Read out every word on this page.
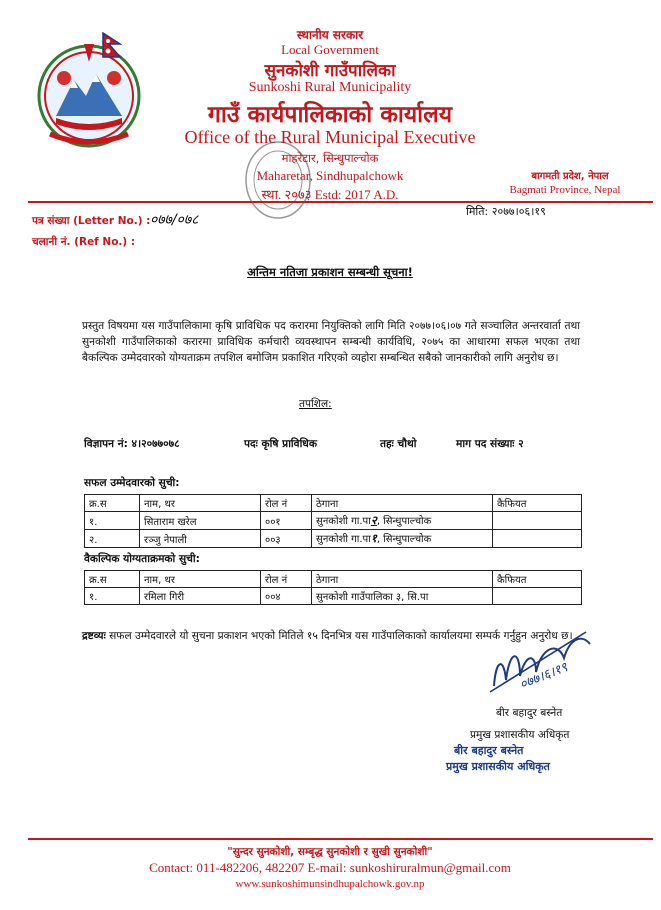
स्थानीय सरकार
Local Government
सुनकोशी गाउँपालिका
Sunkoshi Rural Municipality
गाउँ कार्यपालिकाको कार्यालय
Office of the Rural Municipal Executive
माहरेटार, सिन्धुपाल्चोक
Maharetar, Sindhupalchowk
स्था. २०७३ Estd: 2017 A.D.
बागमती प्रदेश, नेपाल
Bagmati Province, Nepal
मिति: २०७७।०६।१९
पत्र संख्या (Letter No.) : ०७७/०७८
चलानी नं. (Ref No.) :
अन्तिम नतिजा प्रकाशन सम्बन्धी सूचना!
प्रस्तुत विषयमा यस गाउँपालिकामा कृषि प्राविधिक पद करारमा नियुक्तिको लागि मिति २०७७।०६।०७ गते सञ्चालित अन्तरवार्ता तथा सुनकोशी गाउँपालिकाको करारमा प्राविधिक कर्मचारी व्यवस्थापन सम्बन्धी कार्यविधि, २०७५ का आधारमा सफल भएका तथा बैकल्पिक उम्मेदवारको योग्यताक्रम तपशिल बमोजिम प्रकाशित गरिएको व्यहोरा सम्बन्धित सबैको जानकारीको लागि अनुरोध छ।
तपशिल:
विज्ञापन नं: ४।२०७७०७८	पदः कृषि प्राविधिक	तहः चौथो	माग पद संख्याः २
सफल उम्मेदवारको सुची:
क्र.स	नाम, थर	रोल नं	ठेगाना	कैफियत
१.	सिताराम खरेल	००१	सुनकोशी गा.पा२, सिन्धुपाल्चोक	
२.	रञ्जु नेपाली	००३	सुनकोशी गा.पा१, सिन्धुपाल्चोक	
वैकल्पिक योग्यताक्रमको सुची:
क्र.स	नाम, थर	रोल नं	ठेगाना	कैफियत
१.	रमिला गिरी	००४	सुनकोशी गाउँपालिका ३, सि.पा	
द्रष्टव्यः सफल उम्मेदवारले यो सुचना प्रकाशन भएको मितिले १५ दिनभित्र यस गाउँपालिकाको कार्यालयमा सम्पर्क गर्नुहुन अनुरोध छ।
०७७।६।१९
बीर बहादुर बस्नेत
प्रमुख प्रशासकीय अधिकृत
बीर बहादुर बस्नेत
प्रमुख प्रशासकीय अधिकृत
"सुन्दर सुनकोशी, सम्बृद्ध सुनकोशी र सुखी सुनकोशी"
Contact: 011-482206, 482207 E-mail: sunkoshiruralmun@gmail.com
www.sunkoshimunsindhupalchowk.gov.np
